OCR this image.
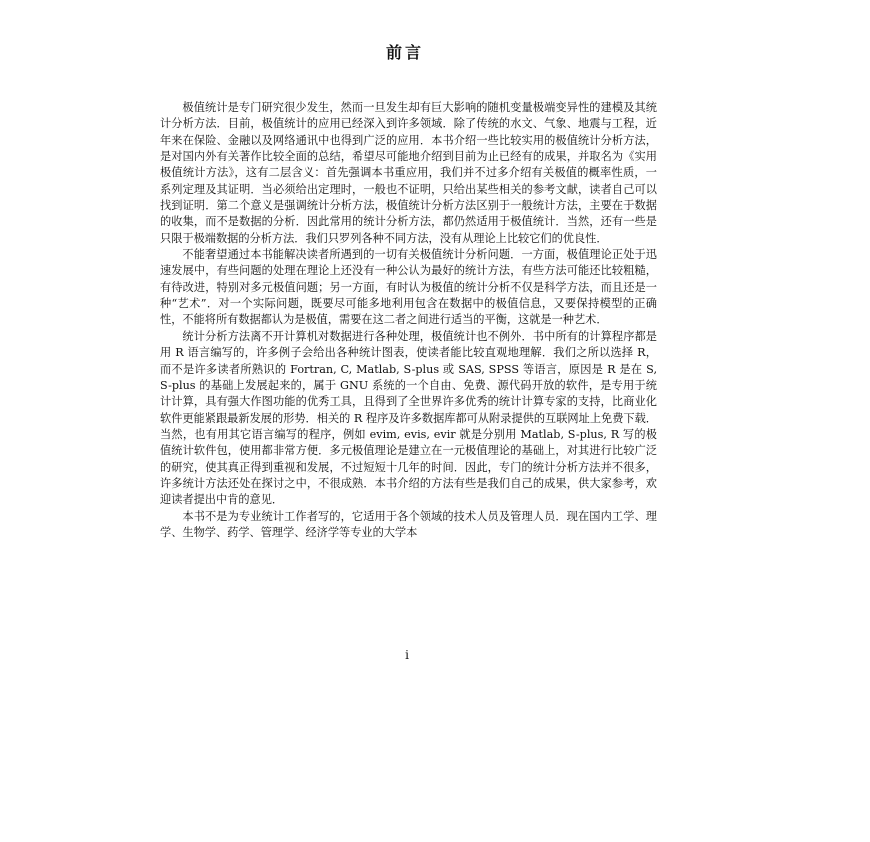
前言

极值统计是专门研究很少发生，然而一旦发生却有巨大影响的随机变量极端变异性的建模及其统计分析方法．目前，极值统计的应用已经深入到许多领域．除了传统的水文、气象、地震与工程，近年来在保险、金融以及网络通讯中也得到广泛的应用．本书介绍一些比较实用的极值统计分析方法，是对国内外有关著作比较全面的总结，希望尽可能地介绍到目前为止已经有的成果，并取名为《实用极值统计方法》，这有二层含义：首先强调本书重应用，我们并不过多介绍有关极值的概率性质，一系列定理及其证明．当必须给出定理时，一般也不证明，只给出某些相关的参考文献，读者自己可以找到证明．第二个意义是强调统计分析方法，极值统计分析方法区别于一般统计方法，主要在于数据的收集，而不是数据的分析．因此常用的统计分析方法，都仍然适用于极值统计．当然，还有一些是只限于极端数据的分析方法．我们只罗列各种不同方法，没有从理论上比较它们的优良性．

不能奢望通过本书能解决读者所遇到的一切有关极值统计分析问题．一方面，极值理论正处于迅速发展中，有些问题的处理在理论上还没有一种公认为最好的统计方法，有些方法可能还比较粗糙，有待改进，特别对多元极值问题；另一方面，有时认为极值的统计分析不仅是科学方法，而且还是一种“艺术”．对一个实际问题，既要尽可能多地利用包含在数据中的极值信息，又要保持模型的正确性，不能将所有数据都认为是极值，需要在这二者之间进行适当的平衡，这就是一种艺术．

统计分析方法离不开计算机对数据进行各种处理，极值统计也不例外．书中所有的计算程序都是用 R 语言编写的，许多例子会给出各种统计图表，使读者能比较直观地理解．我们之所以选择 R，而不是许多读者所熟识的 Fortran, C, Matlab, S-plus 或 SAS, SPSS 等语言，原因是 R 是在 S, S-plus 的基础上发展起来的，属于 GNU 系统的一个自由、免费、源代码开放的软件，是专用于统计计算，具有强大作图功能的优秀工具，且得到了全世界许多优秀的统计计算专家的支持，比商业化软件更能紧跟最新发展的形势．相关的 R 程序及许多数据库都可从附录提供的互联网址上免费下载．当然，也有用其它语言编写的程序，例如 evim, evis, evir 就是分别用 Matlab, S-plus, R 写的极值统计软件包，使用都非常方便．多元极值理论是建立在一元极值理论的基础上，对其进行比较广泛的研究，使其真正得到重视和发展，不过短短十几年的时间．因此，专门的统计分析方法并不很多，许多统计方法还处在探讨之中，不很成熟．本书介绍的方法有些是我们自己的成果，供大家参考，欢迎读者提出中肯的意见．

本书不是为专业统计工作者写的，它适用于各个领域的技术人员及管理人员．现在国内工学、理学、生物学、药学、管理学、经济学等专业的大学本

i
